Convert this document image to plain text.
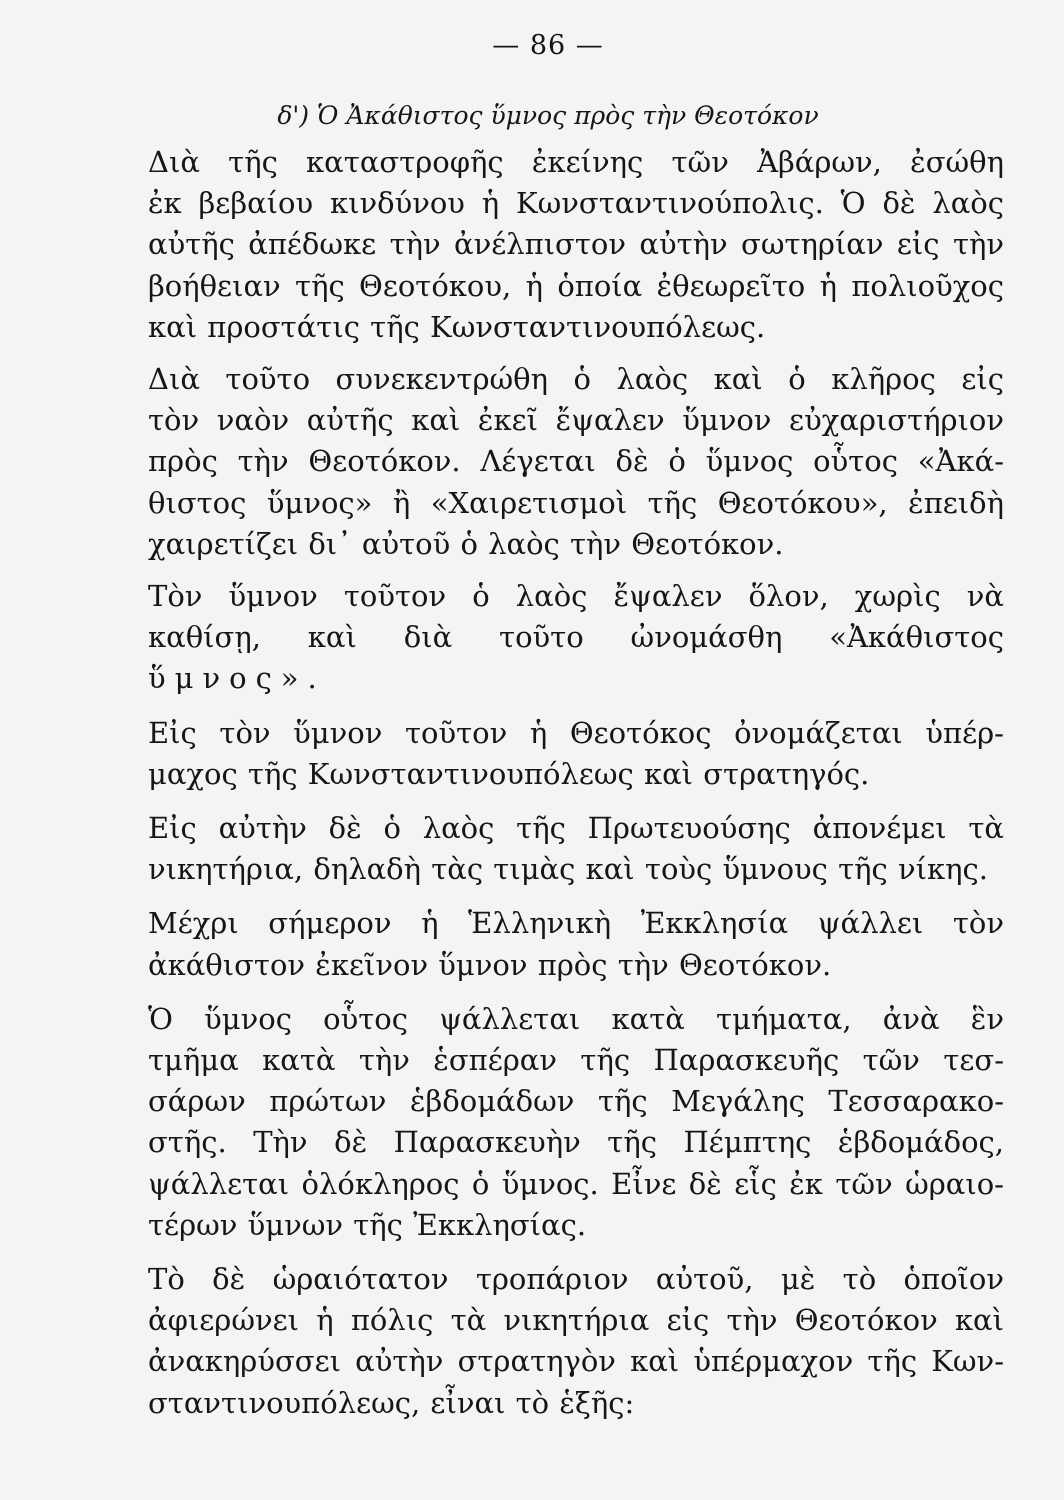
— 86 —
δ') Ὁ Ἀκάθιστος ὕμνος πρὸς τὴν Θεοτόκον

Διὰ τῆς καταστροφῆς ἐκείνης τῶν Ἀβάρων, ἐσώθη
ἐκ βεβαίου κινδύνου ἡ Κωνσταντινούπολις. Ὁ δὲ λαὸς
αὐτῆς ἀπέδωκε τὴν ἀνέλπιστον αὐτὴν σωτηρίαν εἰς τὴν
βοήθειαν τῆς Θεοτόκου, ἡ ὁποία ἐθεωρεῖτο ἡ πολιοῦχος
καὶ προστάτις τῆς Κωνσταντινουπόλεως.

Διὰ τοῦτο συνεκεντρώθη ὁ λαὸς καὶ ὁ κλῆρος εἰς
τὸν ναὸν αὐτῆς καὶ ἐκεῖ ἔψαλεν ὕμνον εὐχαριστήριον
πρὸς τὴν Θεοτόκον. Λέγεται δὲ ὁ ὕμνος οὗτος «Ἀκά-
θιστος ὕμνος» ἢ «Χαιρετισμοὶ τῆς Θεοτόκου», ἐπειδὴ
χαιρετίζει δι᾿ αὐτοῦ ὁ λαὸς τὴν Θεοτόκον.

Τὸν ὕμνον τοῦτον ὁ λαὸς ἔψαλεν ὅλον, χωρὶς νὰ
καθίσῃ, καὶ διὰ τοῦτο ὠνομάσθη «Ἀκάθιστος
ὕμνος».

Εἰς τὸν ὕμνον τοῦτον ἡ Θεοτόκος ὀνομάζεται ὑπέρ-
μαχος τῆς Κωνσταντινουπόλεως καὶ στρατηγός.

Εἰς αὐτὴν δὲ ὁ λαὸς τῆς Πρωτευούσης ἀπονέμει τὰ
νικητήρια, δηλαδὴ τὰς τιμὰς καὶ τοὺς ὕμνους τῆς νίκης.

Μέχρι σήμερον ἡ Ἑλληνικὴ Ἐκκλησία ψάλλει τὸν
ἀκάθιστον ἐκεῖνον ὕμνον πρὸς τὴν Θεοτόκον.

Ὁ ὕμνος οὗτος ψάλλεται κατὰ τμήματα, ἀνὰ ἓν
τμῆμα κατὰ τὴν ἑσπέραν τῆς Παρασκευῆς τῶν τεσ-
σάρων πρώτων ἑβδομάδων τῆς Μεγάλης Τεσσαρακο-
στῆς. Τὴν δὲ Παρασκευὴν τῆς Πέμπτης ἑβδομάδος,
ψάλλεται ὁλόκληρος ὁ ὕμνος. Εἶνε δὲ εἷς ἐκ τῶν ὡραιο-
τέρων ὕμνων τῆς Ἐκκλησίας.

Τὸ δὲ ὡραιότατον τροπάριον αὐτοῦ, μὲ τὸ ὁποῖον
ἀφιερώνει ἡ πόλις τὰ νικητήρια εἰς τὴν Θεοτόκον καὶ
ἀνακηρύσσει αὐτὴν στρατηγὸν καὶ ὑπέρμαχον τῆς Κων-
σταντινουπόλεως, εἶναι τὸ ἑξῆς:
